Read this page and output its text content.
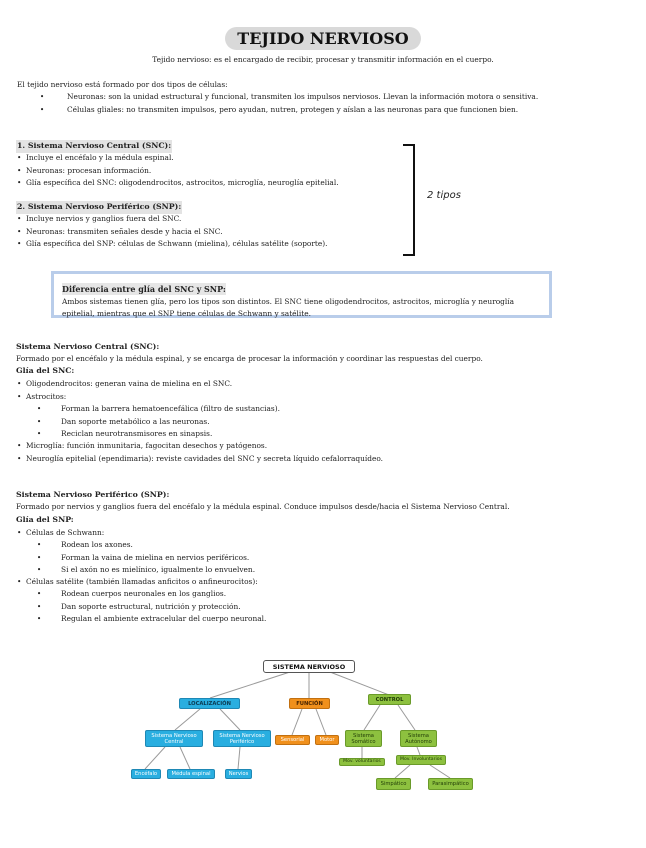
TEJIDO NERVIOSO
Tejido nervioso: es el encargado de recibir, procesar y transmitir información en el cuerpo.
El tejido nervioso está formado por dos tipos de células:
• Neuronas: son la unidad estructural y funcional, transmiten los impulsos nerviosos. Llevan la información motora o sensitiva.
• Células gliales: no transmiten impulsos, pero ayudan, nutren, protegen y aíslan a las neuronas para que funcionen bien.
1. Sistema Nervioso Central (SNC):
• Incluye el encéfalo y la médula espinal.
• Neuronas: procesan información.
• Glía específica del SNC: oligodendrocitos, astrocitos, microglía, neuroglía epitelial.
2. Sistema Nervioso Periférico (SNP):
• Incluye nervios y ganglios fuera del SNC.
• Neuronas: transmiten señales desde y hacia el SNC.
• Glía específica del SNP: células de Schwann (mielina), células satélite (soporte).
2 tipos
Diferencia entre glía del SNC y SNP:
Ambos sistemas tienen glía, pero los tipos son distintos. El SNC tiene oligodendrocitos, astrocitos, microglía y neuroglía epitelial, mientras que el SNP tiene células de Schwann y satélite.
Sistema Nervioso Central (SNC):
Formado por el encéfalo y la médula espinal, y se encarga de procesar la información y coordinar las respuestas del cuerpo.
Glía del SNC:
• Oligodendrocitos: generan vaina de mielina en el SNC.
• Astrocitos:
• Forman la barrera hematoencefálica (filtro de sustancias).
• Dan soporte metabólico a las neuronas.
• Reciclan neurotransmisores en sinapsis.
• Microglía: función inmunitaria, fagocitan desechos y patógenos.
• Neuroglía epitelial (ependimaria): reviste cavidades del SNC y secreta líquido cefalorraquídeo.
Sistema Nervioso Periférico (SNP):
Formado por nervios y ganglios fuera del encéfalo y la médula espinal. Conduce impulsos desde/hacia el Sistema Nervioso Central.
Glía del SNP:
• Células de Schwann:
• Rodean los axones.
• Forman la vaina de mielina en nervios periféricos.
• Si el axón no es mielínico, igualmente lo envuelven.
• Células satélite (también llamadas anficitos o anfineurocitos):
• Rodean cuerpos neuronales en los ganglios.
• Dan soporte estructural, nutrición y protección.
• Regulan el ambiente extracelular del cuerpo neuronal.
SISTEMA NERVIOSO
LOCALIZACIÓN	FUNCIÓN
CONTROL
Sistema Nervioso Central
Sistema Nervioso Periférico	Sensorial	Motor
Sistema Somático
Sistema Autónomo
Encéfalo	Médula espinal	Nervios
Mov. voluntarios	Mov. Involuntarios
Simpático	Parasimpático
